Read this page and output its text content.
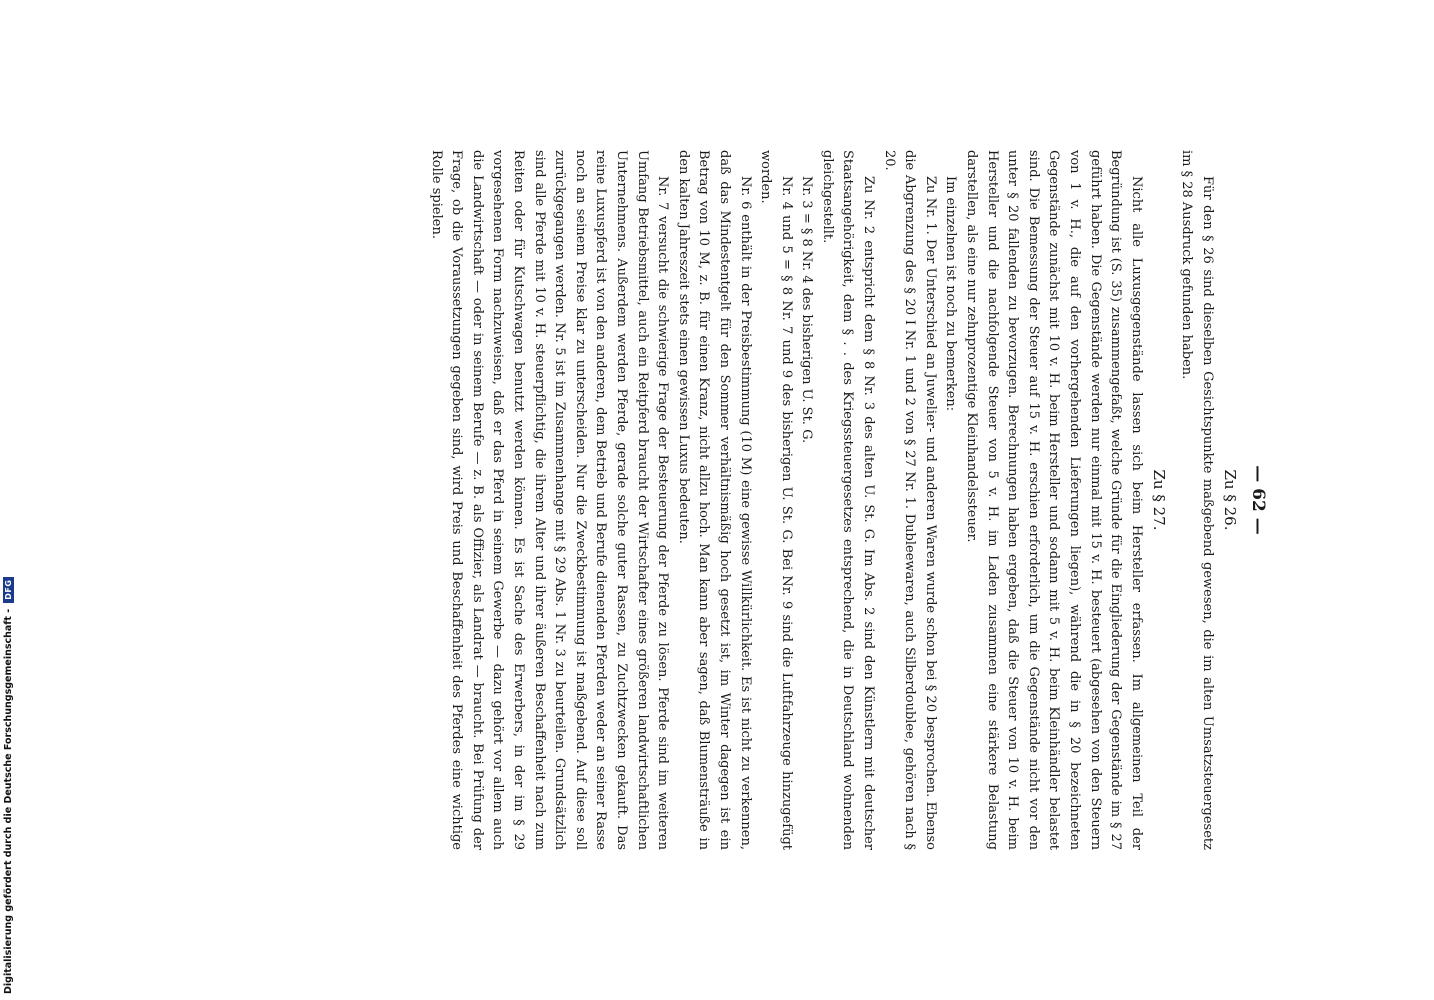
Digitalisierung gefördert durch die Deutsche Forschungsgemeinschaft -
DFG
— 62 —
Zu § 26.

Für den § 26 sind dieselben Gesichtspunkte maßgebend gewesen, die im alten Umsatzsteuergesetz im § 28 Ausdruck gefunden haben.

Zu § 27.

Nicht alle Luxusgegenstände lassen sich beim Hersteller erfassen. Im allgemeinen Teil der Begründung ist (S. 35) zusammengefaßt, welche Gründe für die Eingliederung der Gegenstände im § 27 geführt haben. Die Gegenstände werden nur einmal mit 15 v. H. besteuert (abgesehen von den Steuern von 1 v. H., die auf den vorhergehenden Lieferungen liegen), während die in § 20 bezeichneten Gegenstände zunächst mit 10 v. H. beim Hersteller und sodann mit 5 v. H. beim Kleinhändler belastet sind. Die Bemessung der Steuer auf 15 v. H. erschien erforderlich, um die Gegenstände nicht vor den unter § 20 fallenden zu bevorzugen. Berechnungen haben ergeben, daß die Steuer von 10 v. H. beim Hersteller und die nachfolgende Steuer von 5 v. H. im Laden zusammen eine stärkere Belastung darstellen, als eine nur zehnprozentige Kleinhandelssteuer.

Im einzelnen ist noch zu bemerken:

Zu Nr. 1. Der Unterschied an Juwelier- und anderen Waren wurde schon bei § 20 besprochen. Ebenso die Abgrenzung des § 20 I Nr. 1 und 2 von § 27 Nr. 1. Dubleewaren, auch Silberdoublee, gehören nach § 20.

Zu Nr. 2 entspricht dem § 8 Nr. 3 des alten U. St. G. Im Abs. 2 sind den Künstlern mit deutscher Staatsangehörigkeit, dem § . . des Kriegssteuergesetzes entsprechend, die in Deutschland wohnenden gleichgestellt.

Nr. 3 = § 8 Nr. 4 des bisherigen U. St. G.

Nr. 4 und 5 = § 8 Nr. 7 und 9 des bisherigen U. St. G. Bei Nr. 9 sind die Luftfahrzeuge hinzugefügt worden.

Nr. 6 enthält in der Preisbestimmung (10 M) eine gewisse Willkürlichkeit. Es ist nicht zu verkennen, daß das Mindestentgelt für den Sommer verhältnismäßig hoch gesetzt ist, im Winter dagegen ist ein Betrag von 10 M, z. B. für einen Kranz, nicht allzu hoch. Man kann aber sagen, daß Blumensträuße in den kalten Jahreszeit stets einen gewissen Luxus bedeuten.

Nr. 7 versucht die schwierige Frage der Besteuerung der Pferde zu lösen. Pferde sind im weiteren Umfang Betriebsmittel, auch ein Reitpferd braucht der Wirtschafter eines größeren landwirtschaftlichen Unternehmens. Außerdem werden Pferde, gerade solche guter Rassen, zu Zuchtzwecken gekauft. Das reine Luxuspferd ist von den anderen, dem Betrieb und Berufe dienenden Pferden weder an seiner Rasse noch an seinem Preise klar zu unterscheiden. Nur die Zweckbestimmung ist maßgebend. Auf diese soll zurückgegangen werden. Nr. 5 ist im Zusammenhange mit § 29 Abs. 1 Nr. 3 zu beurteilen. Grundsätzlich sind alle Pferde mit 10 v. H. steuerpflichtig, die ihrem Alter und ihrer äußeren Beschaffenheit nach zum Reiten oder für Kutschwagen benutzt werden können. Es ist Sache des Erwerbers, in der im § 29 vorgesehenen Form nachzuweisen, daß er das Pferd in seinem Gewerbe — dazu gehört vor allem auch die Landwirtschaft — oder in seinem Berufe — z. B. als Offizier, als Landrat — braucht. Bei Prüfung der Frage, ob die Voraussetzungen gegeben sind, wird Preis und Beschaffenheit des Pferdes eine wichtige Rolle spielen.
